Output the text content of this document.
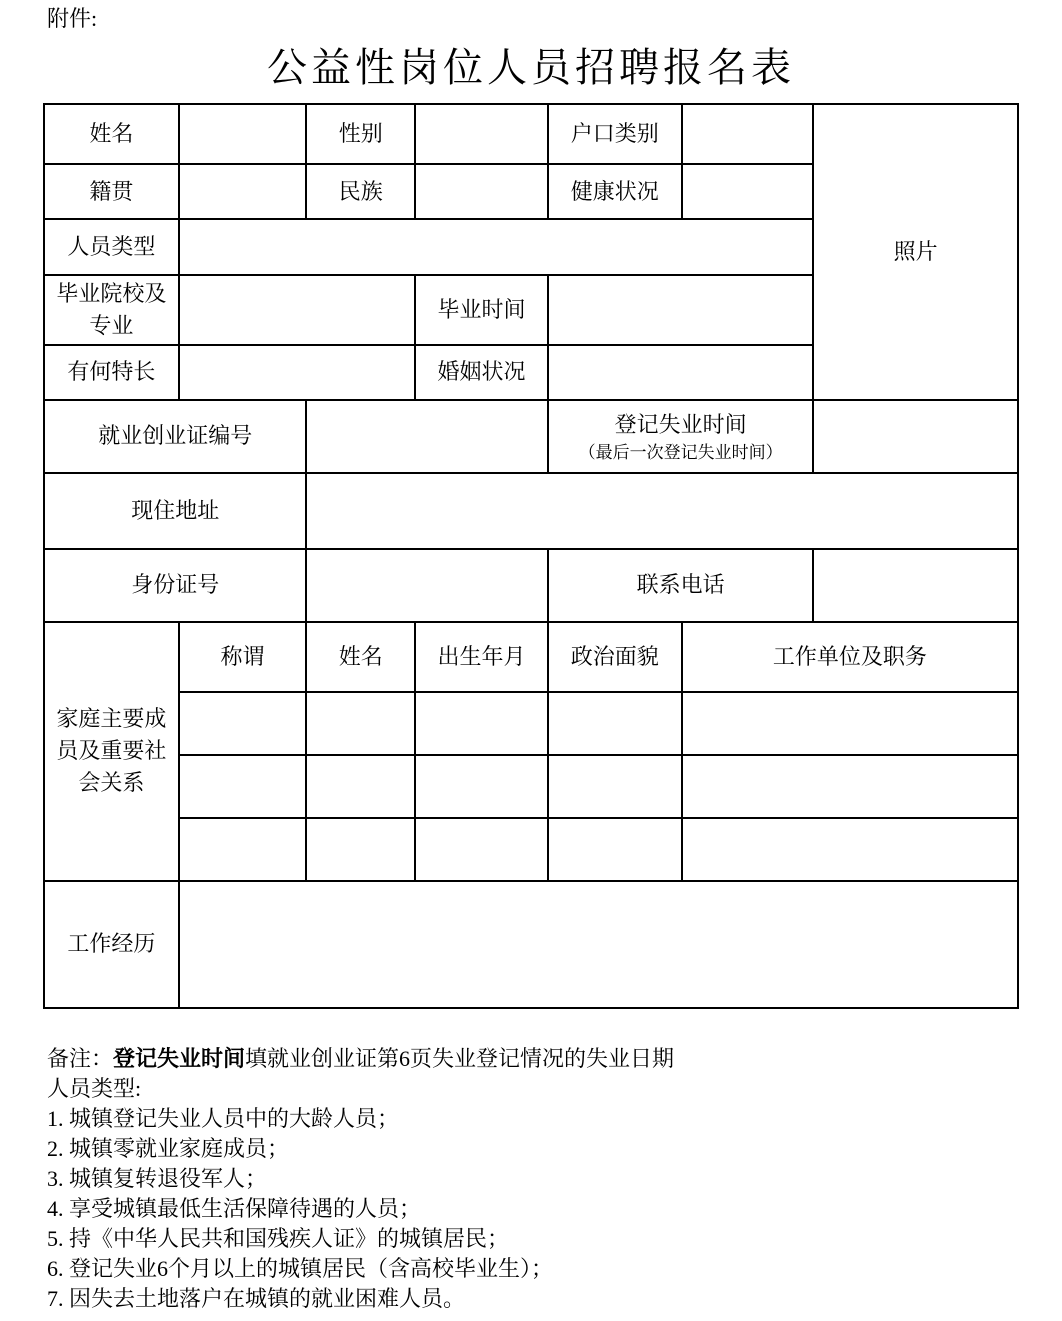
附件:
公益性岗位人员招聘报名表
姓名		性别		户口类别		照片
籍贯		民族		健康状况		
人员类型						
毕业院校及专业			毕业时间			
有何特长			婚姻状况			
就业创业证编号				登记失业时间
（最后一次登记失业时间）		

现住地址						
身份证号				联系电话		
家庭主要成员及重要社会关系	称谓	姓名	出生年月	政治面貌	工作单位及职务	

工作经历						
备注：登记失业时间填就业创业证第6页失业登记情况的失业日期
人员类型:
1. 城镇登记失业人员中的大龄人员；
2. 城镇零就业家庭成员；
3. 城镇复转退役军人；
4. 享受城镇最低生活保障待遇的人员；
5. 持《中华人民共和国残疾人证》的城镇居民；
6. 登记失业6个月以上的城镇居民（含高校毕业生）；
7. 因失去土地落户在城镇的就业困难人员。
